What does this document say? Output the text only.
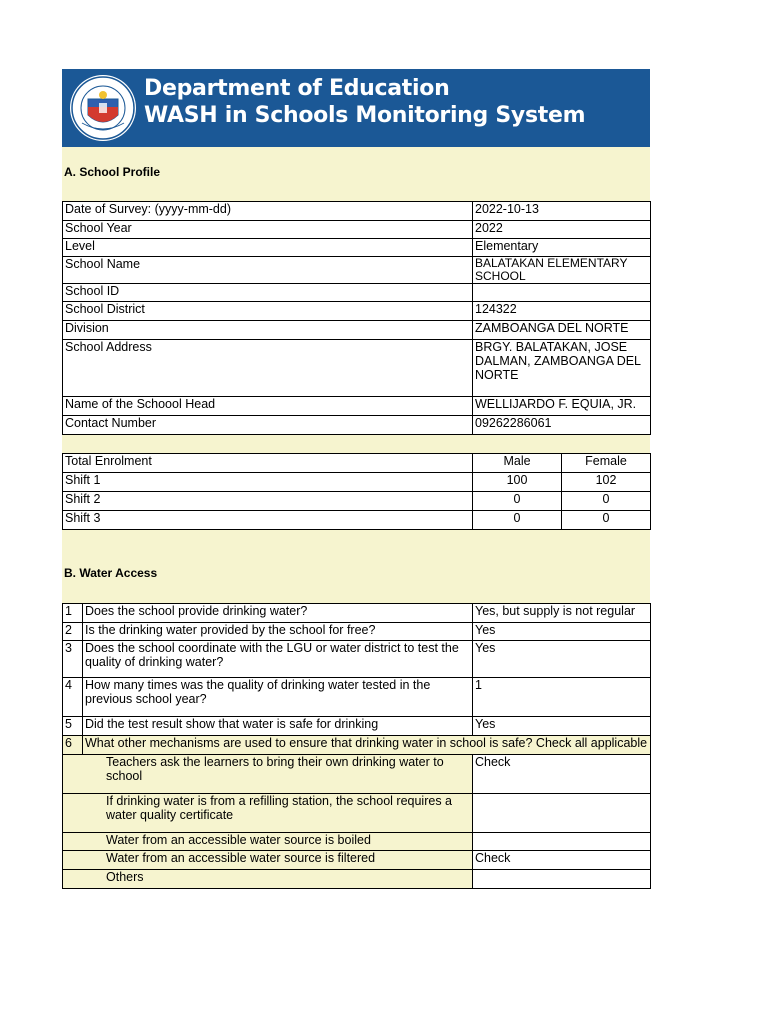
Department of Education
WASH in Schools Monitoring System
A. School Profile
Date of Survey: (yyyy-mm-dd)	2022-10-13
School Year	2022
Level	Elementary
School Name	BALATAKAN ELEMENTARY SCHOOL
School ID	
School District	124322
Division	ZAMBOANGA DEL NORTE
School Address	BRGY. BALATAKAN, JOSE DALMAN, ZAMBOANGA DEL NORTE
Name of the Schoool Head	WELLIJARDO F. EQUIA, JR.
Contact Number	09262286061
Total Enrolment	Male	Female
Shift 1	100	102
Shift 2	0	0
Shift 3	0	0
B. Water Access
1	Does the school provide drinking water?	Yes, but supply is not regular
2	Is the drinking water provided by the school for free?	Yes
3	Does the school coordinate with the LGU or water district to test the quality of drinking water?	Yes
4	How many times was the quality of drinking water tested in the previous school year?	1
5	Did the test result show that water is safe for drinking	Yes
6	What other mechanisms are used to ensure that drinking water in school is safe? Check all applicable	
Teachers ask the learners to bring their own drinking water to school		Check
If drinking water is from a refilling station, the school requires a water quality certificate		
Water from an accessible water source is boiled		
Water from an accessible water source is filtered		Check
Others		
